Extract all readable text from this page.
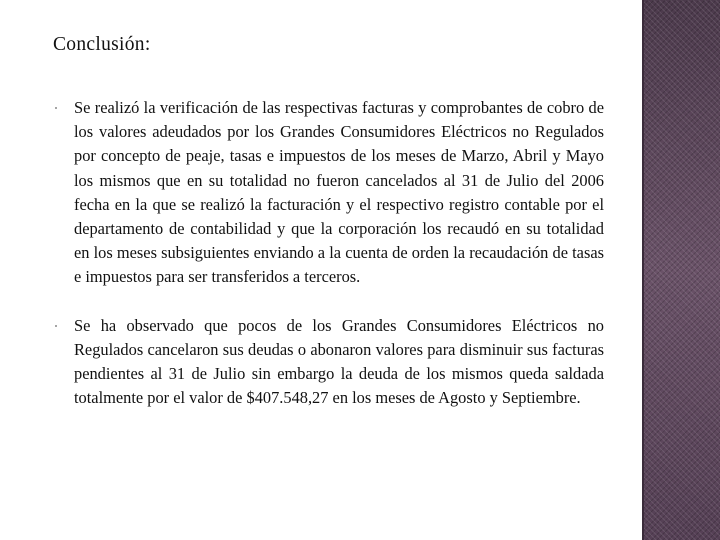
Conclusión:
Se realizó la verificación de las respectivas facturas y comprobantes de cobro de los valores adeudados por los Grandes Consumidores Eléctricos no Regulados por concepto de peaje, tasas e impuestos de los meses de Marzo, Abril y Mayo los mismos que en su totalidad no fueron cancelados al 31 de Julio del 2006 fecha en la que se realizó la facturación y el respectivo registro contable por el departamento de contabilidad y que la corporación los recaudó en su totalidad en los meses subsiguientes enviando a la cuenta de orden la recaudación de tasas e impuestos para ser transferidos a terceros.
Se ha observado que pocos de los Grandes Consumidores Eléctricos no Regulados cancelaron sus deudas o abonaron valores para disminuir sus facturas pendientes al 31 de Julio sin embargo la deuda de los mismos queda saldada totalmente por el valor de $407.548,27 en los meses de Agosto y Septiembre.
